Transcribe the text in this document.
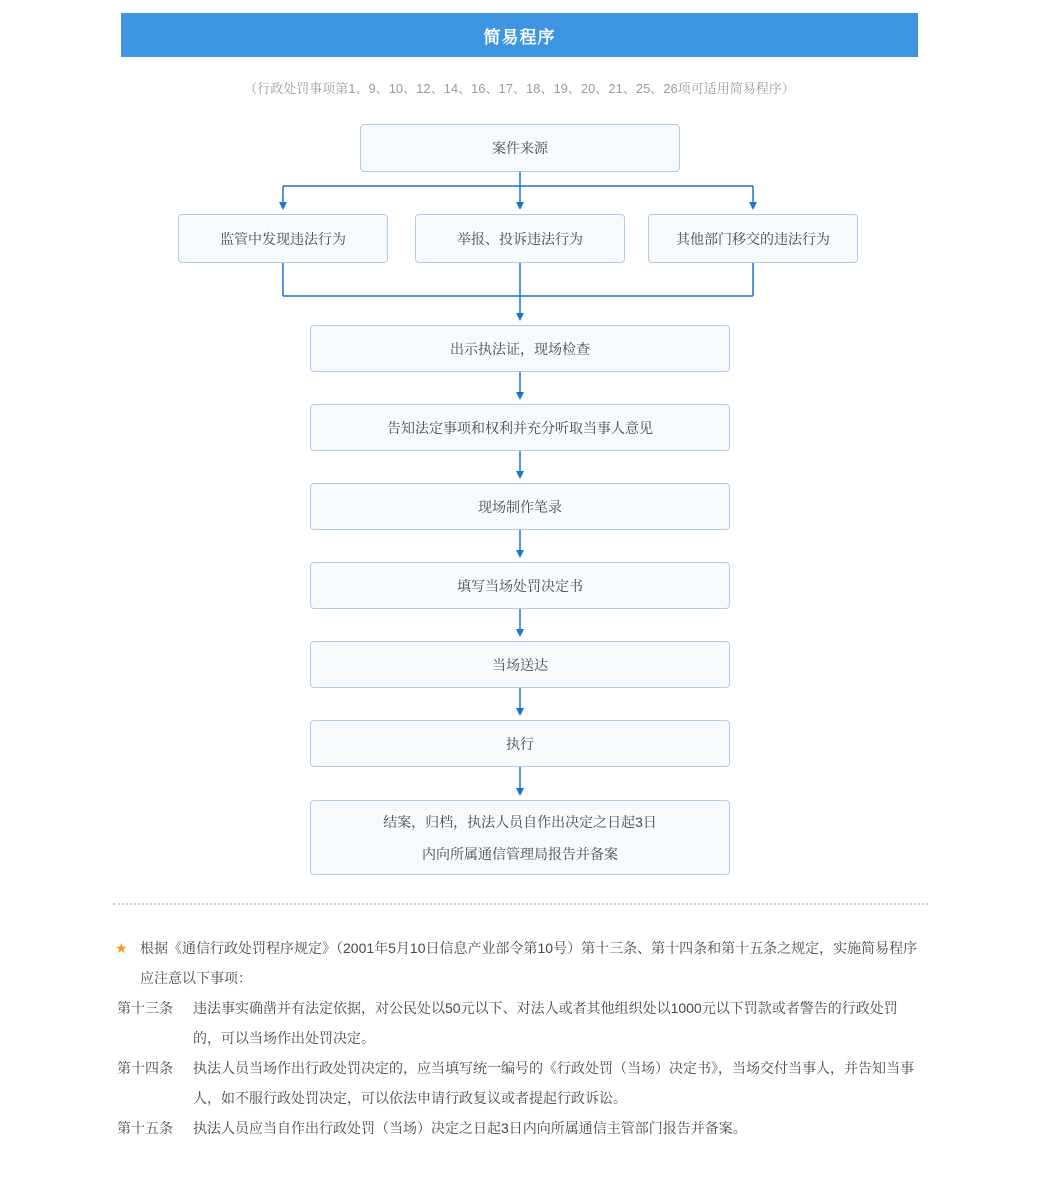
简易程序
（行政处罚事项第1、9、10、12、14、16、17、18、19、20、21、25、26项可适用简易程序）
案件来源
监管中发现违法行为	举报、投诉违法行为	其他部门移交的违法行为
出示执法证，现场检查
告知法定事项和权利并充分听取当事人意见
现场制作笔录
填写当场处罚决定书
当场送达
执行
结案，归档，执法人员自作出决定之日起3日
内向所属通信管理局报告并备案
★ 根据《通信行政处罚程序规定》（2001年5月10日信息产业部令第10号）第十三条、第十四条和第十五条之规定，实施简易程序应注意以下事项：
第十三条	违法事实确凿并有法定依据，对公民处以50元以下、对法人或者其他组织处以1000元以下罚款或者警告的行政处罚的，可以当场作出处罚决定。
第十四条	执法人员当场作出行政处罚决定的，应当填写统一编号的《行政处罚（当场）决定书》，当场交付当事人，并告知当事人，如不服行政处罚决定，可以依法申请行政复议或者提起行政诉讼。
第十五条	执法人员应当自作出行政处罚（当场）决定之日起3日内向所属通信主管部门报告并备案。
